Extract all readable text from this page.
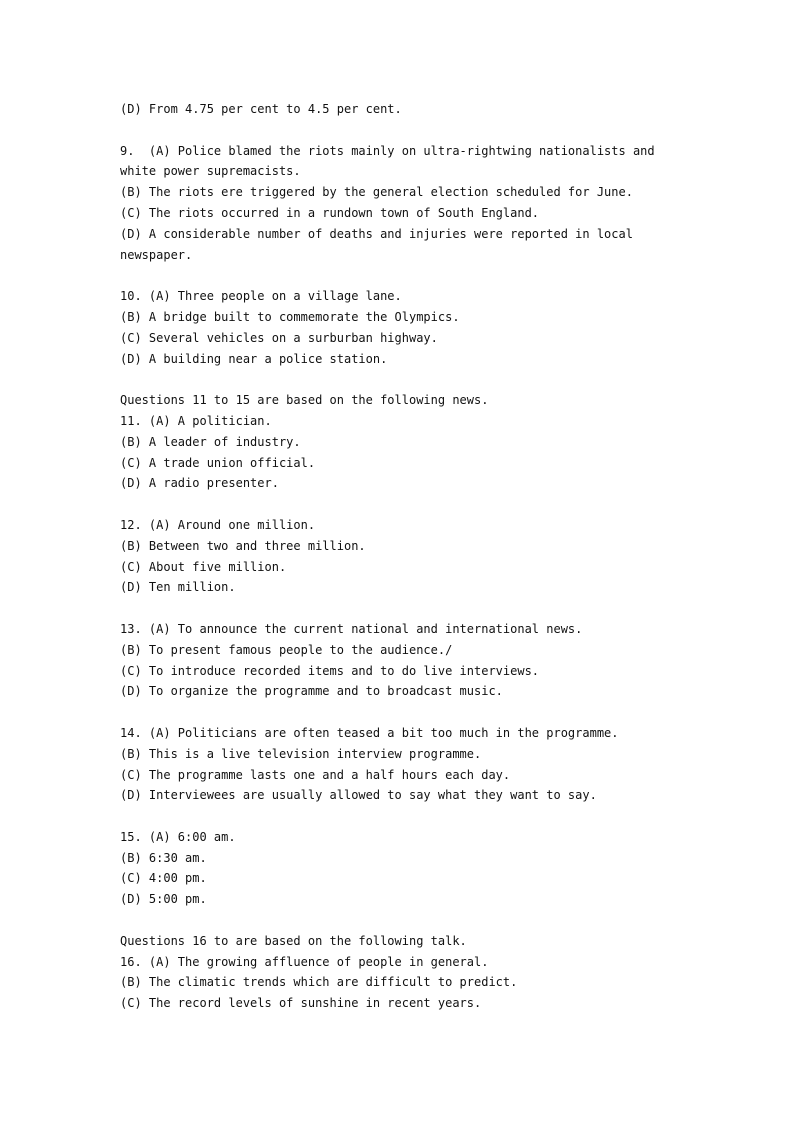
(D) From 4.75 per cent to 4.5 per cent.
9.  (A) Police blamed the riots mainly on ultra-rightwing nationalists and
white power supremacists.
(B) The riots ere triggered by the general election scheduled for June.
(C) The riots occurred in a rundown town of South England.
(D) A considerable number of deaths and injuries were reported in local
newspaper.
10. (A) Three people on a village lane.
(B) A bridge built to commemorate the Olympics.
(C) Several vehicles on a surburban highway.
(D) A building near a police station.
Questions 11 to 15 are based on the following news.
11. (A) A politician.
(B) A leader of industry.
(C) A trade union official.
(D) A radio presenter.
12. (A) Around one million.
(B) Between two and three million.
(C) About five million.
(D) Ten million.
13. (A) To announce the current national and international news.
(B) To present famous people to the audience./
(C) To introduce recorded items and to do live interviews.
(D) To organize the programme and to broadcast music.
14. (A) Politicians are often teased a bit too much in the programme.
(B) This is a live television interview programme.
(C) The programme lasts one and a half hours each day.
(D) Interviewees are usually allowed to say what they want to say.
15. (A) 6:00 am.
(B) 6:30 am.
(C) 4:00 pm.
(D) 5:00 pm.
Questions 16 to are based on the following talk.
16. (A) The growing affluence of people in general.
(B) The climatic trends which are difficult to predict.
(C) The record levels of sunshine in recent years.
